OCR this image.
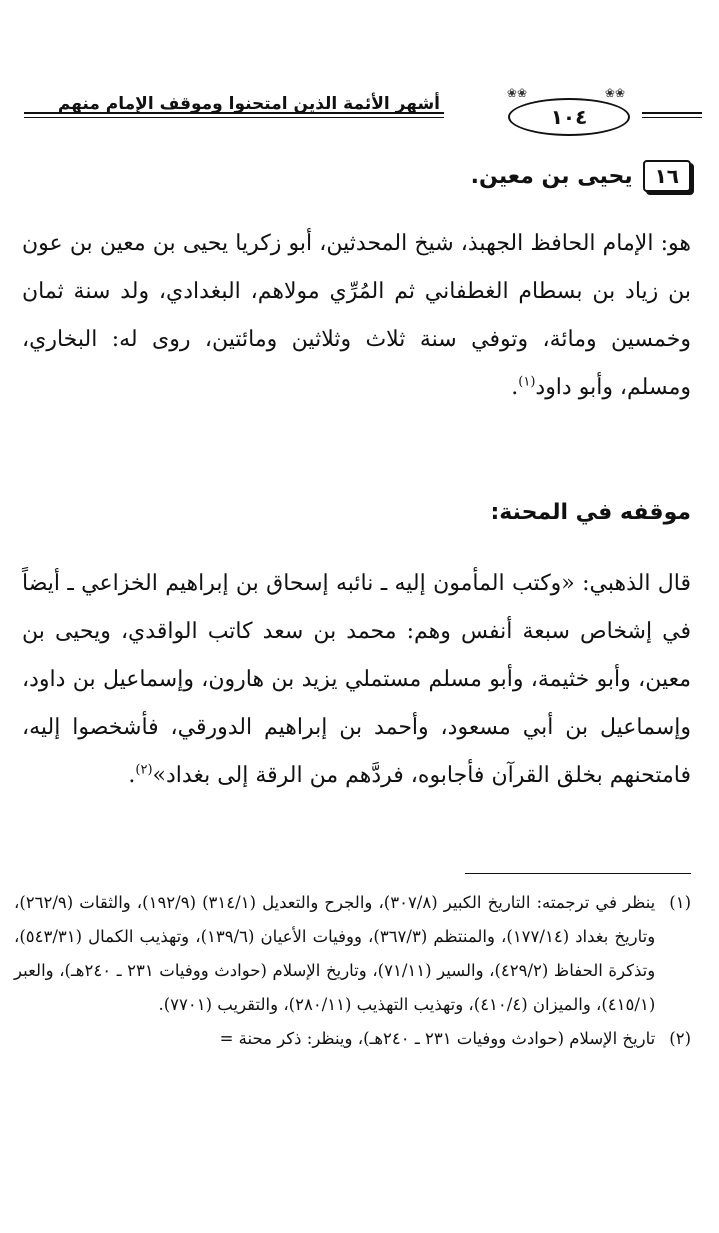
أشهر الأئمة الذين امتحنوا وموقف الإمام منهم
❀❀	❀❀
١٠٤
١٦
يحيى بن معين.
هو: الإمام الحافظ الجهبذ، شيخ المحدثين، أبو زكريا يحيى بن معين بن عون بن زياد بن بسطام الغطفاني ثم المُرِّي مولاهم، البغدادي، ولد سنة ثمان وخمسين ومائة، وتوفي سنة ثلاث وثلاثين ومائتين، روى له: البخاري، ومسلم، وأبو داود$^{(١)}$.
موقفه في المحنة:
قال الذهبي: «وكتب المأمون إليه ـ نائبه إسحاق بن إبراهيم الخزاعي ـ أيضاً في إشخاص سبعة أنفس وهم: محمد بن سعد كاتب الواقدي، ويحيى بن معين، وأبو خثيمة، وأبو مسلم مستملي يزيد بن هارون، وإسماعيل بن داود، وإسماعيل بن أبي مسعود، وأحمد بن إبراهيم الدورقي، فأشخصوا إليه، فامتحنهم بخلق القرآن فأجابوه، فردَّهم من الرقة إلى بغداد»$^{(٢)}$.
(١)
ينظر في ترجمته: التاريخ الكبير (٣٠٧/٨)، والجرح والتعديل (٣١٤/١) (١٩٢/٩)، والثقات (٢٦٢/٩)، وتاريخ بغداد (١٧٧/١٤)، والمنتظم (٣٦٧/٣)، ووفيات الأعيان (١٣٩/٦)، وتهذيب الكمال (٥٤٣/٣١)، وتذكرة الحفاظ (٤٢٩/٢)، والسير (٧١/١١)، وتاريخ الإسلام (حوادث ووفيات ٢٣١ ـ ٢٤٠هـ)، والعبر (٤١٥/١)، والميزان (٤١٠/٤)، وتهذيب التهذيب (٢٨٠/١١)، والتقريب (٧٧٠١).
(٢)
تاريخ الإسلام (حوادث ووفيات ٢٣١ ـ ٢٤٠هـ)، وينظر: ذكر محنة =
